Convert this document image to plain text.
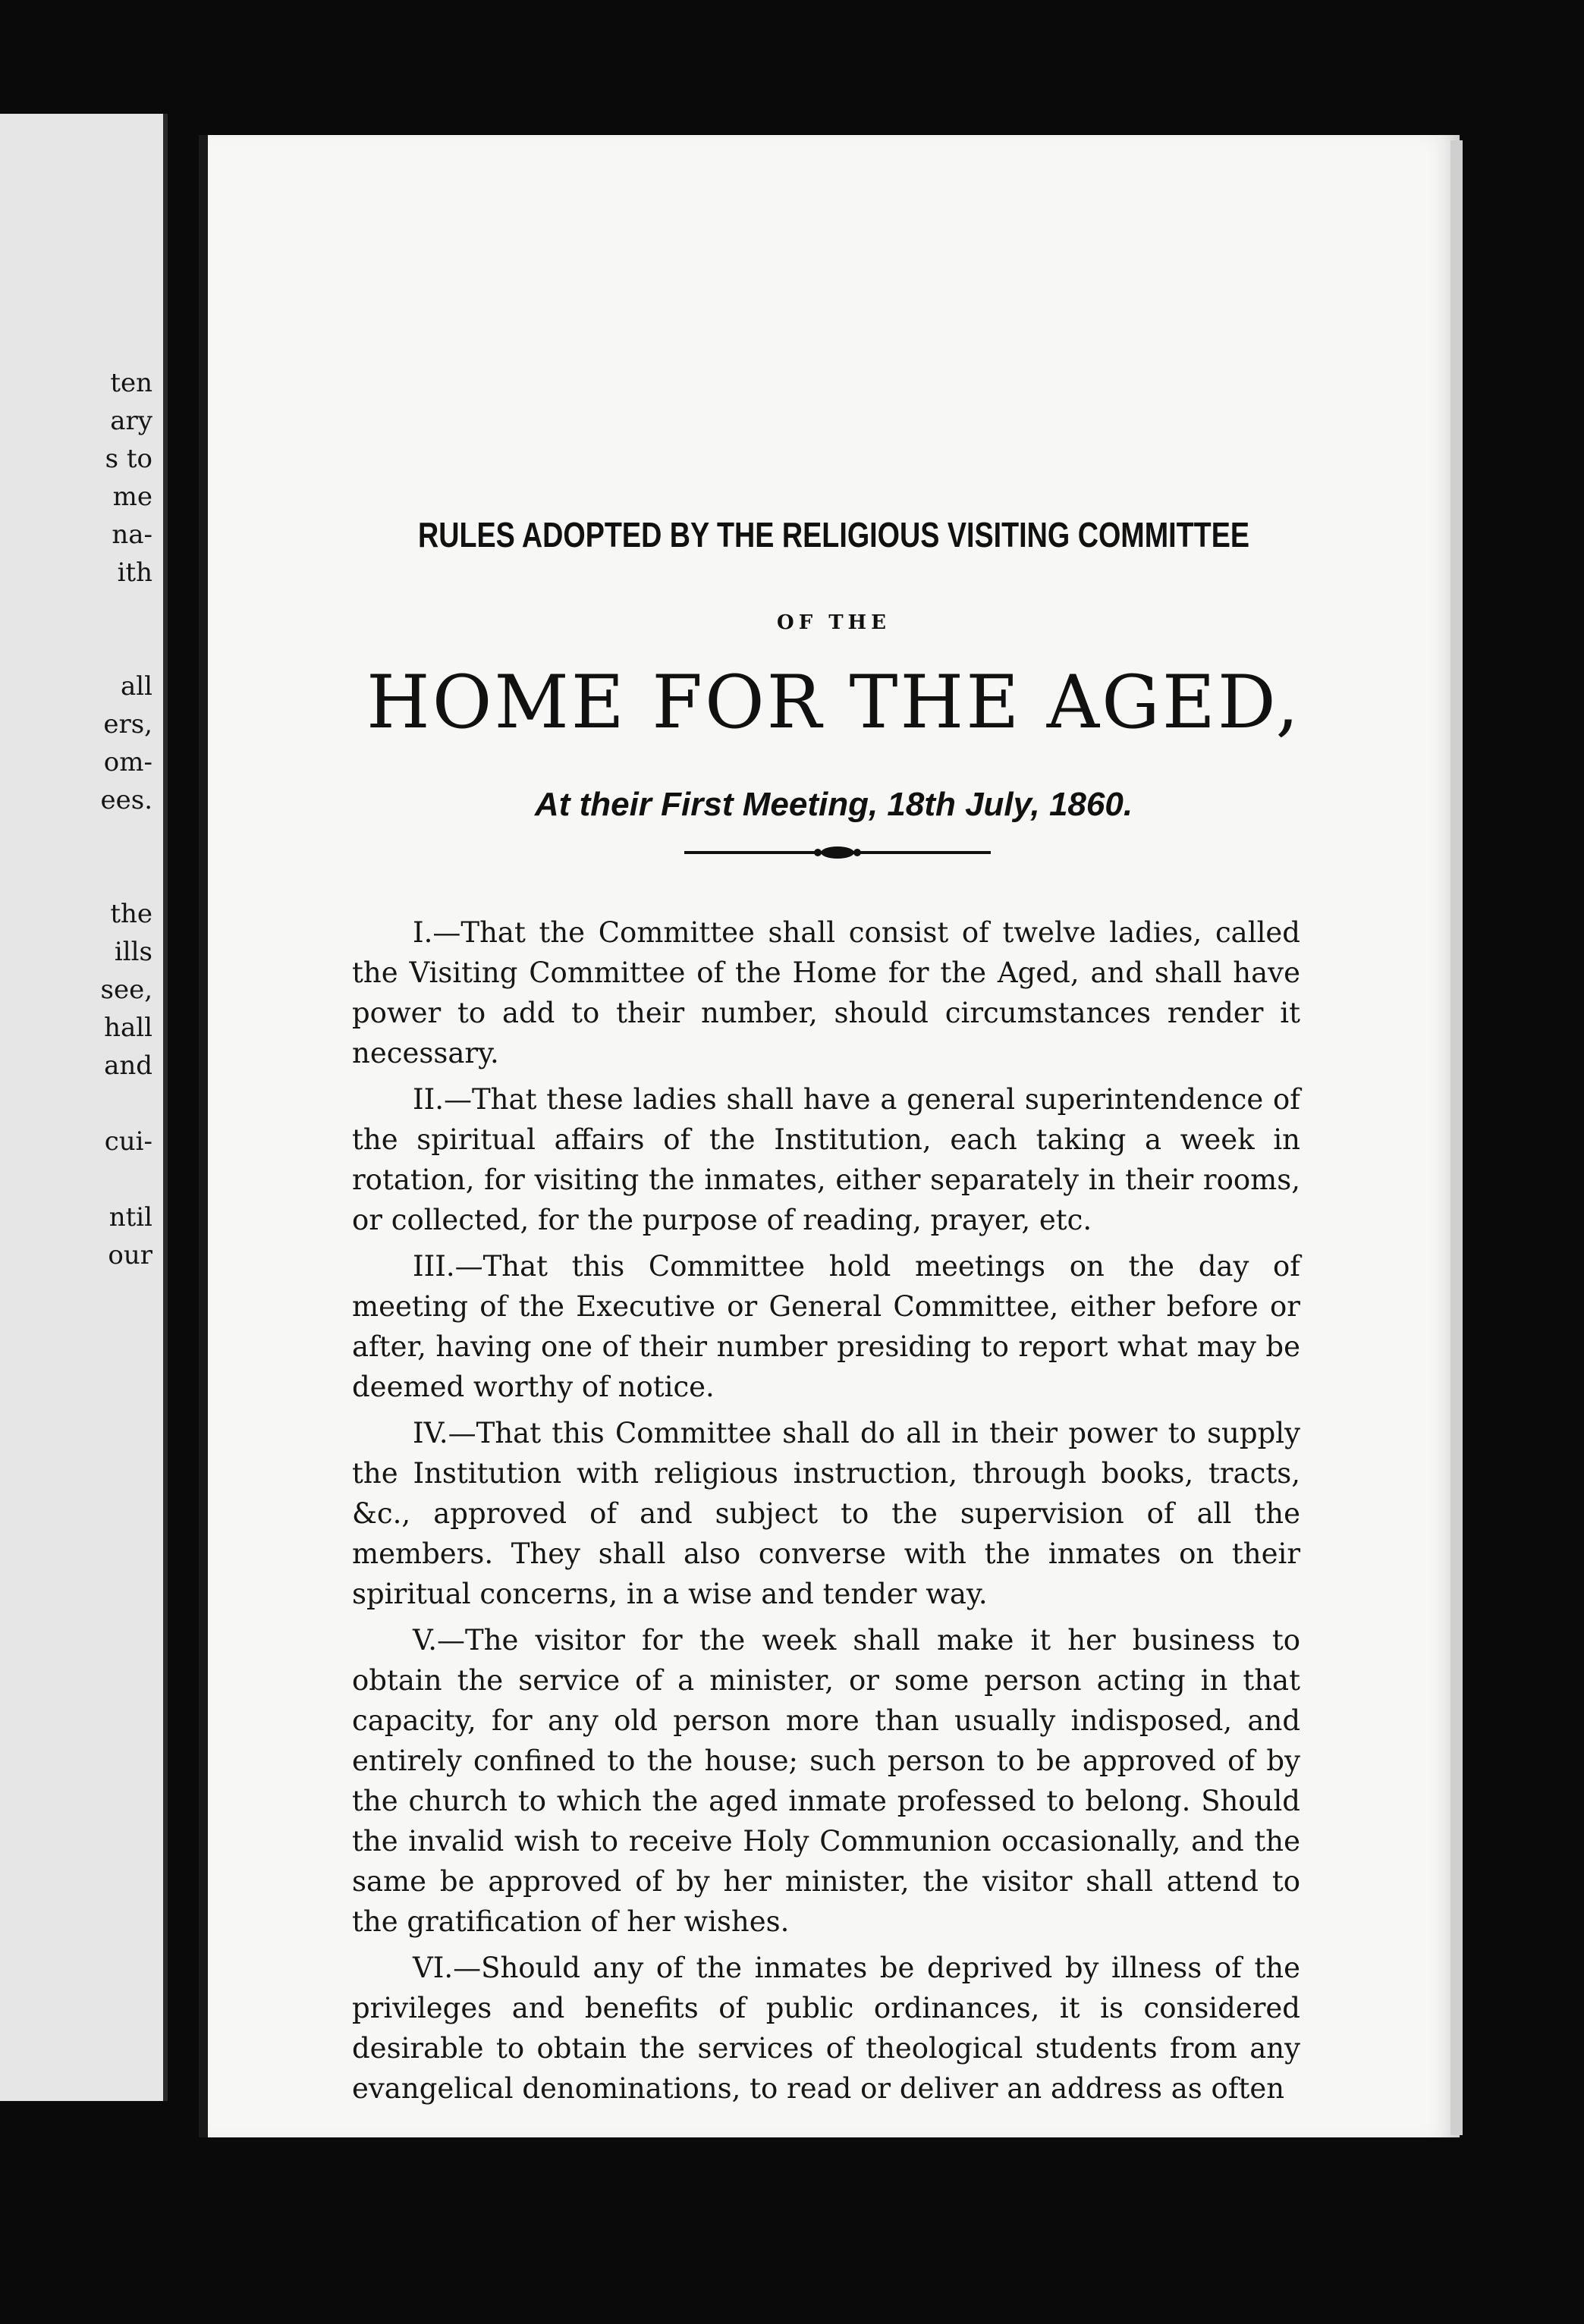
ten
ary
s to
me
na-
ith

all
ers,
om-
ees.

the
ills
see,
hall
and

cui-

ntil
our
RULES ADOPTED BY THE RELIGIOUS VISITING COMMITTEE
OF THE
HOME FOR THE AGED,
At their First Meeting, 18th July, 1860.

I.—That the Committee shall consist of twelve ladies, called the Visiting Committee of the Home for the Aged, and shall have power to add to their number, should circumstances render it necessary.

II.—That these ladies shall have a general superintendence of the spiritual affairs of the Institution, each taking a week in rotation, for visiting the inmates, either separately in their rooms, or collected, for the purpose of reading, prayer, etc.

III.—That this Committee hold meetings on the day of meeting of the Executive or General Committee, either before or after, having one of their number presiding to report what may be deemed worthy of notice.

IV.—That this Committee shall do all in their power to supply the Institution with religious instruction, through books, tracts, &c., approved of and subject to the supervision of all the members. They shall also converse with the inmates on their spiritual concerns, in a wise and tender way.

V.—The visitor for the week shall make it her business to obtain the service of a minister, or some person acting in that capacity, for any old person more than usually indisposed, and entirely confined to the house; such person to be approved of by the church to which the aged inmate professed to belong. Should the invalid wish to receive Holy Communion occasionally, and the same be approved of by her minister, the visitor shall attend to the gratification of her wishes.

VI.—Should any of the inmates be deprived by illness of the privileges and benefits of public ordinances, it is considered desirable to obtain the services of theological students from any evangelical denominations, to read or deliver an address as often
